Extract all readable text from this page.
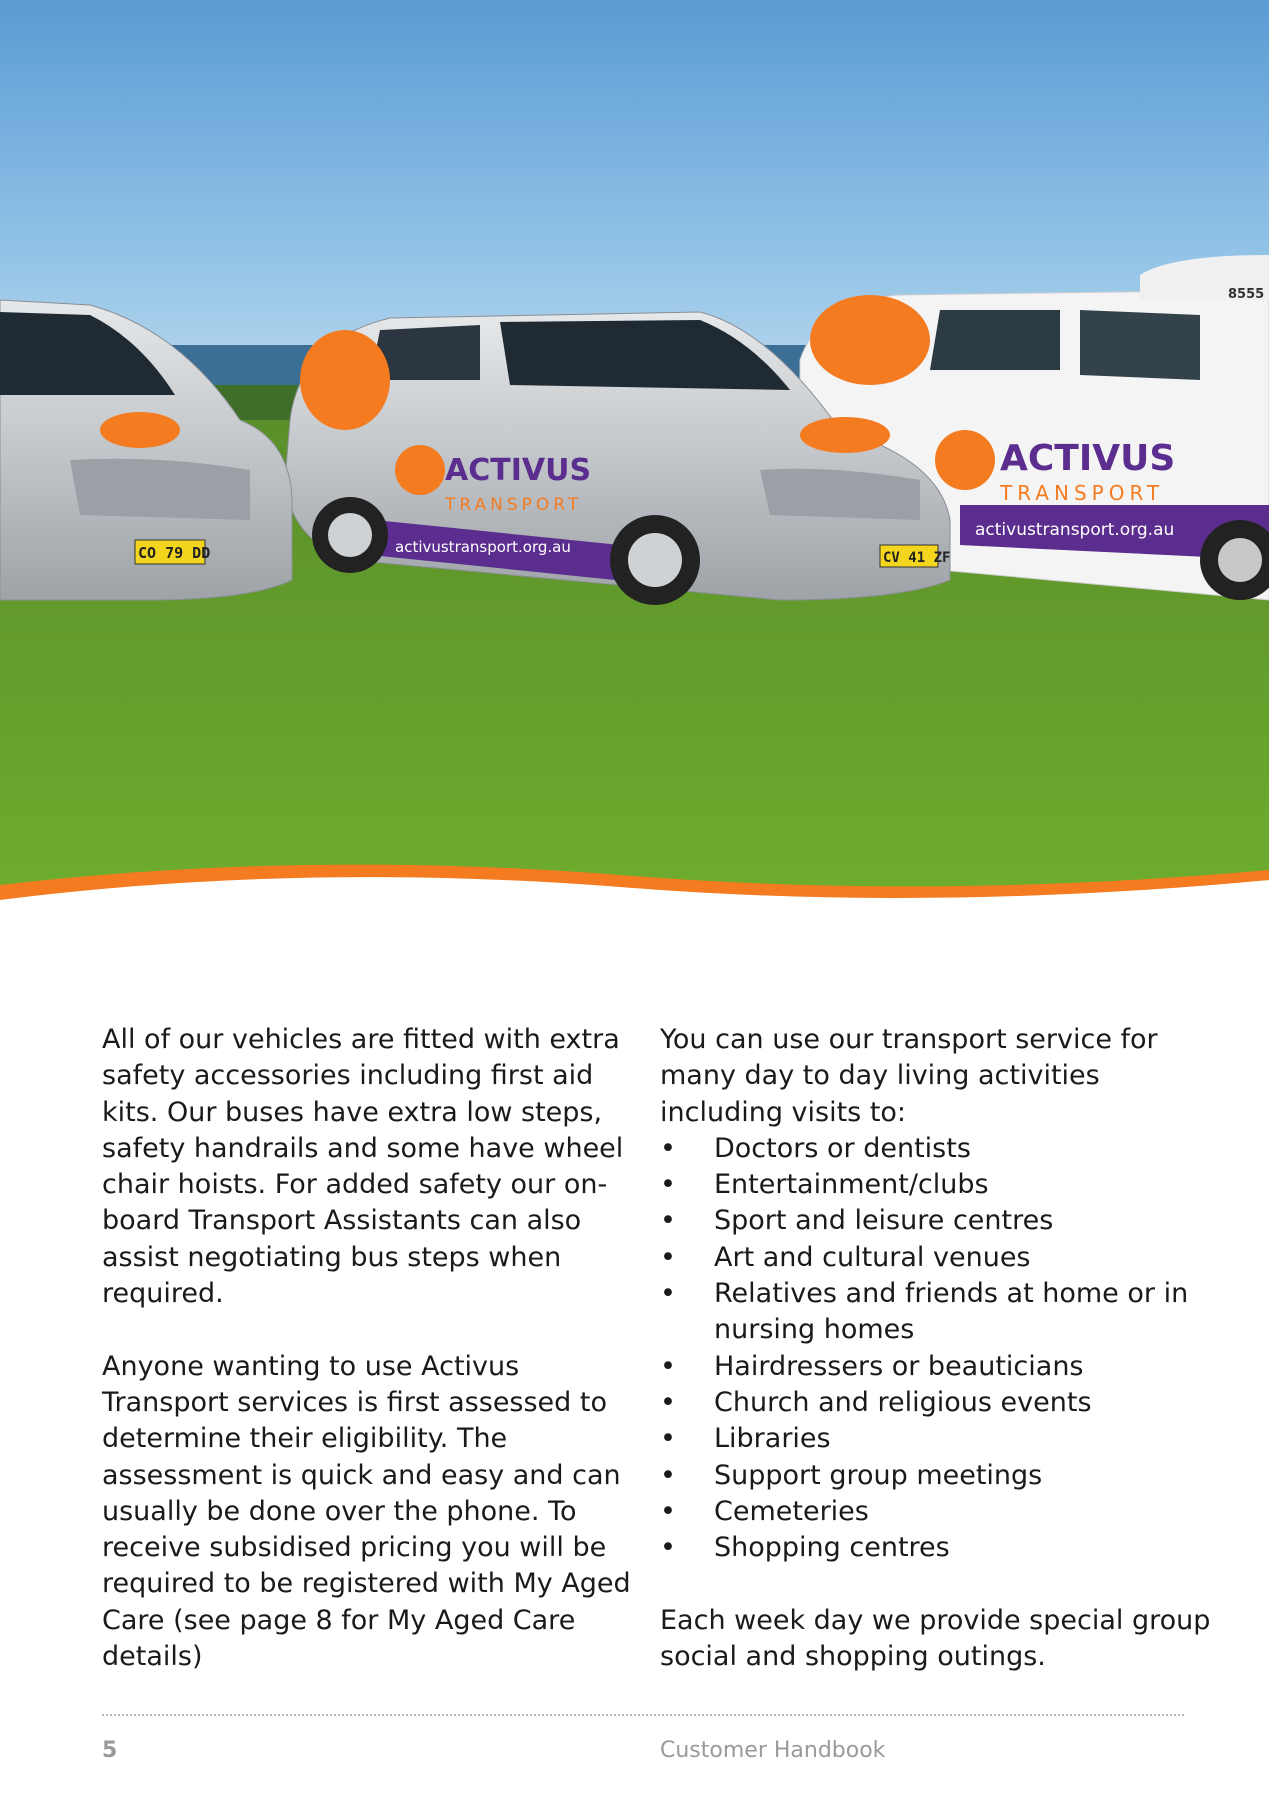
8555
ACTIVUS
TRANSPORT
activustransport.org.au
ACTIVUS
TRANSPORT
activustransport.org.au
CV 41 ZF
CO 79 DD

All of our vehicles are fitted with extra safety accessories including first aid kits. Our buses have extra low steps, safety handrails and some have wheel chair hoists. For added safety our on-board Transport Assistants can also assist negotiating bus steps when required.

Anyone wanting to use Activus Transport services is first assessed to determine their eligibility. The assessment is quick and easy and can usually be done over the phone. To receive subsidised pricing you will be required to be registered with My Aged Care (see page 8 for My Aged Care details)

You can use our transport service for many day to day living activities including visits to:

• Doctors or dentists
• Entertainment/clubs
• Sport and leisure centres
• Art and cultural venues
• Relatives and friends at home or in nursing homes
• Hairdressers or beauticians
• Church and religious events
• Libraries
• Support group meetings
• Cemeteries
• Shopping centres

Each week day we provide special group social and shopping outings.

5	Customer Handbook
